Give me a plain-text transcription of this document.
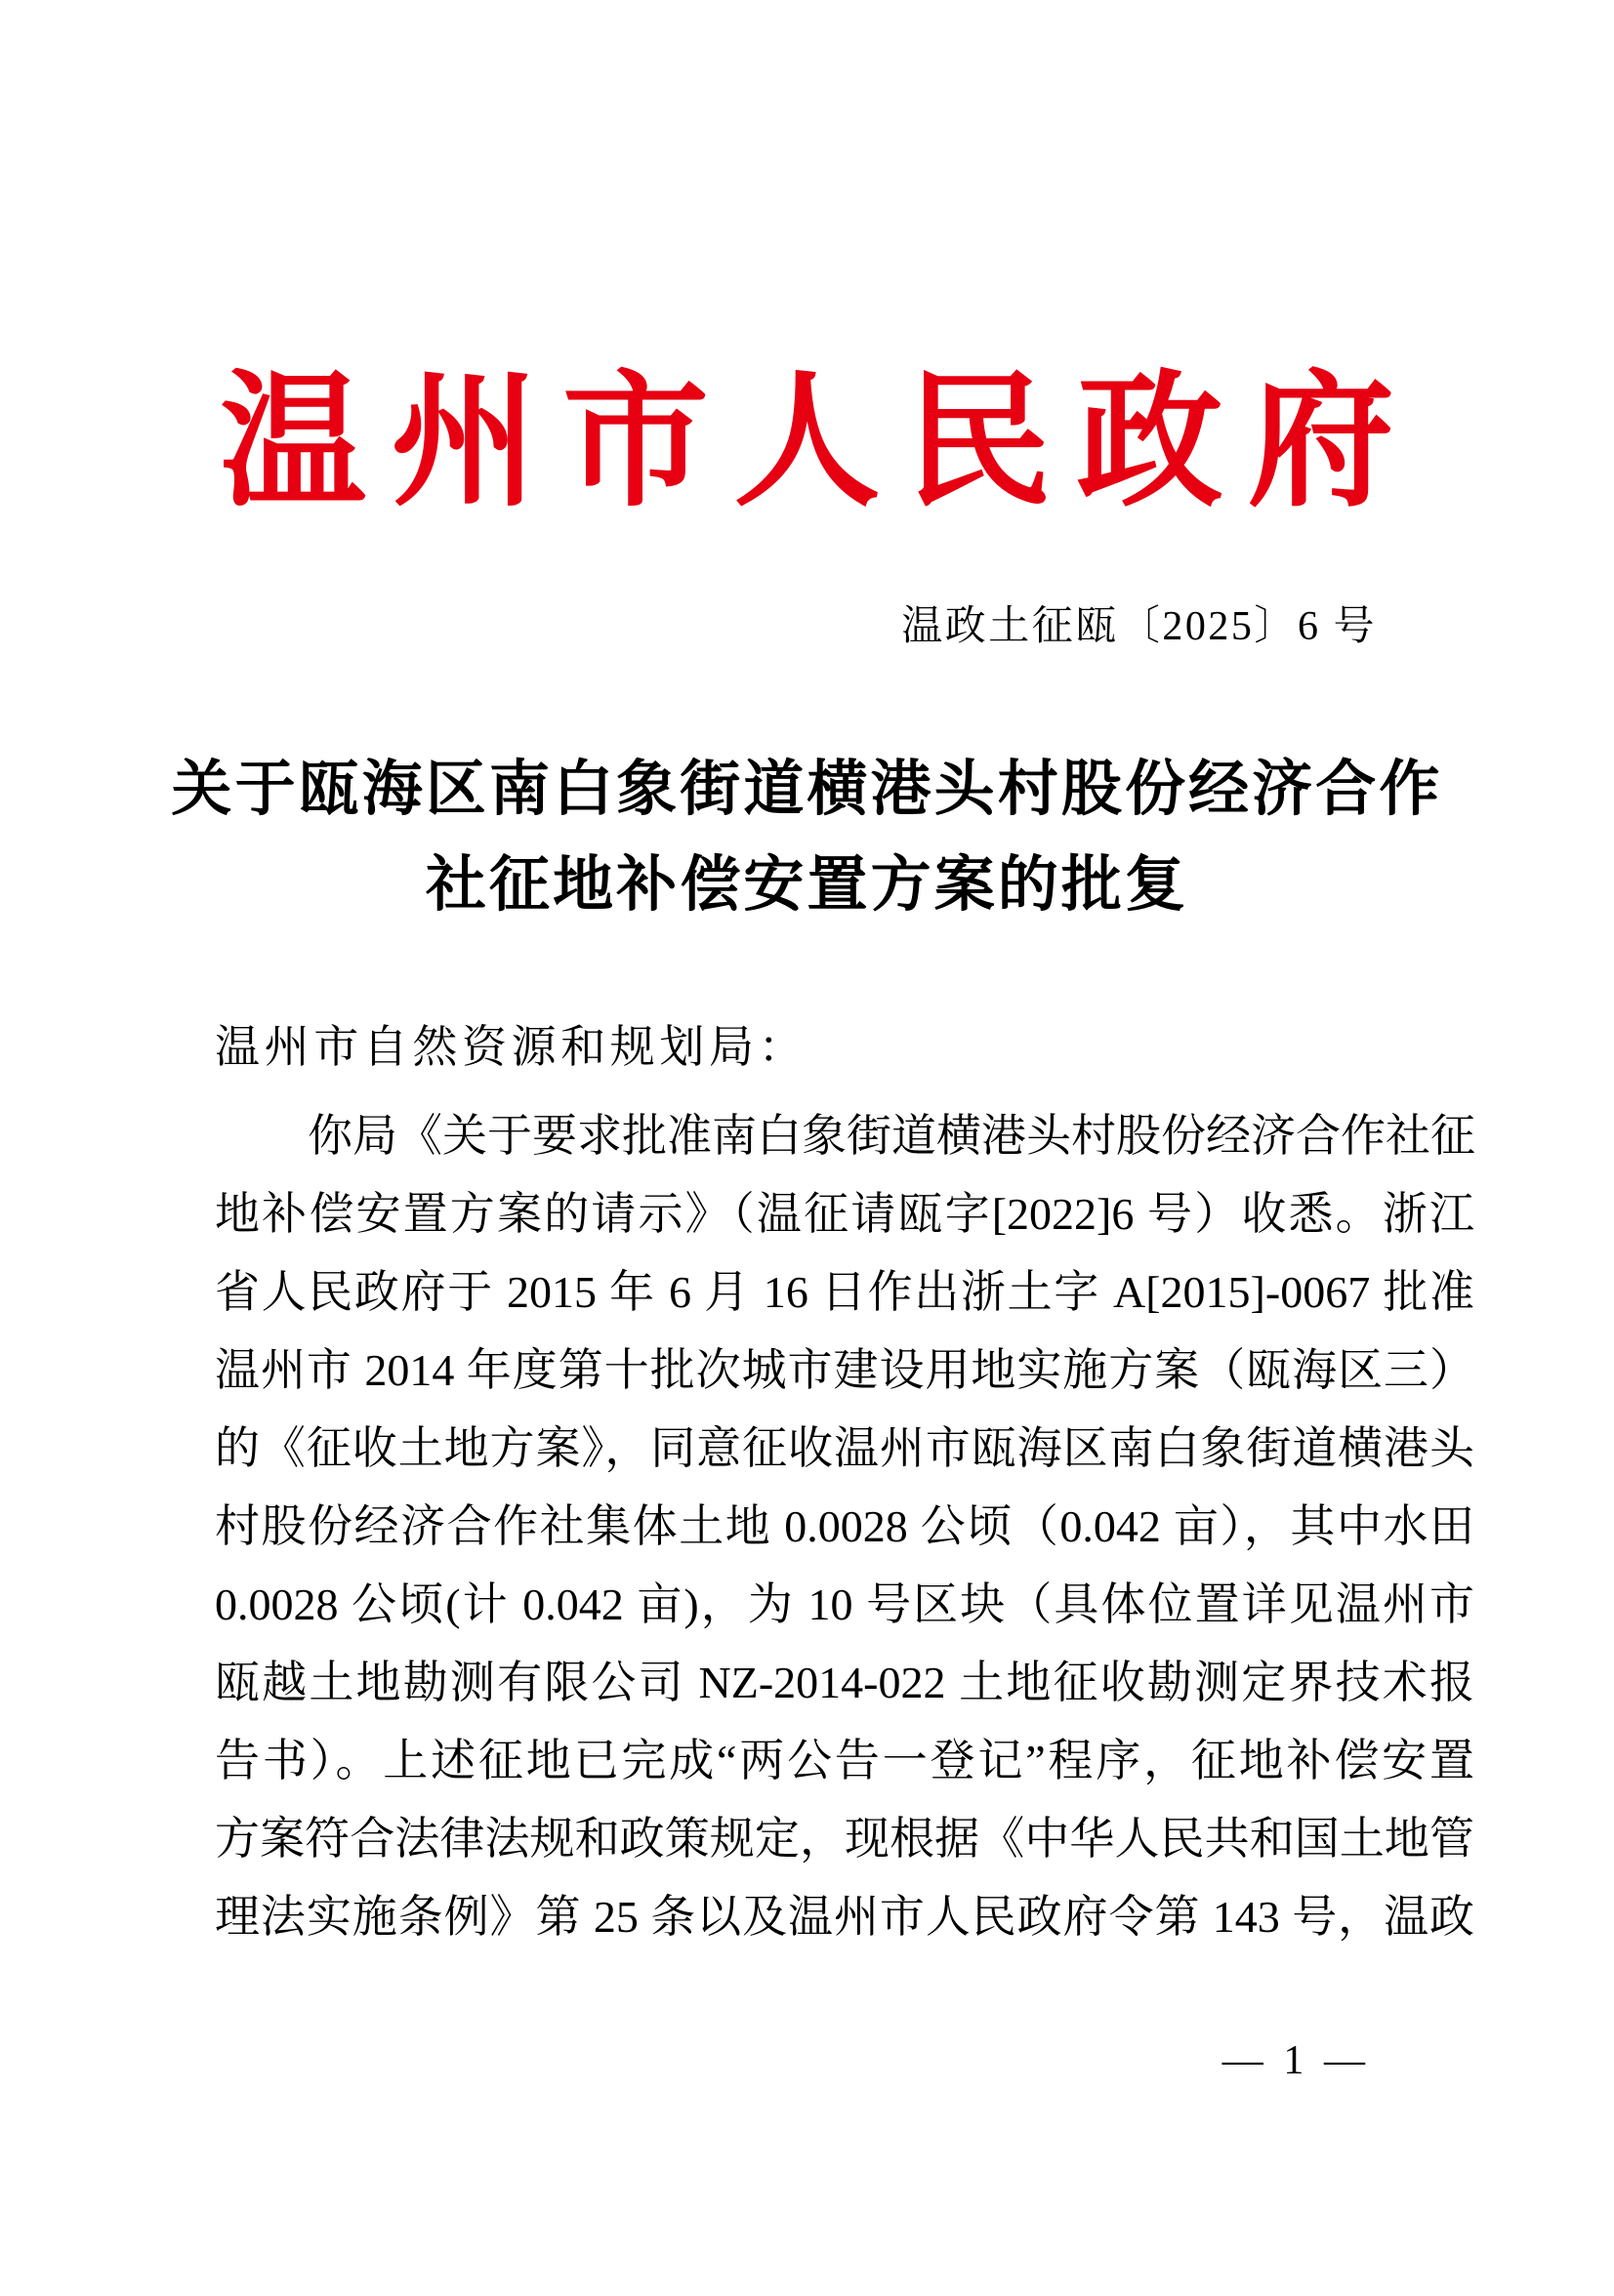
温州市人民政府
温政土征瓯〔2025〕6 号
关于瓯海区南白象街道横港头村股份经济合作
社征地补偿安置方案的批复
温州市自然资源和规划局：
你局《关于要求批准南白象街道横港头村股份经济合作社征
地补偿安置方案的请示》（温征请瓯字[2022]6 号）收悉。浙江
省人民政府于 2015 年 6 月 16 日作出浙土字 A[2015]-0067 批准
温州市 2014 年度第十批次城市建设用地实施方案（瓯海区三）
的《征收土地方案》，同意征收温州市瓯海区南白象街道横港头
村股份经济合作社集体土地 0.0028 公顷（0.042 亩），其中水田
0.0028 公顷(计 0.042 亩)，为 10 号区块（具体位置详见温州市
瓯越土地勘测有限公司 NZ-2014-022 土地征收勘测定界技术报
告书）。上述征地已完成“两公告一登记”程序，征地补偿安置
方案符合法律法规和政策规定，现根据《中华人民共和国土地管
理法实施条例》第 25 条以及温州市人民政府令第 143 号，温政
— 1 —
